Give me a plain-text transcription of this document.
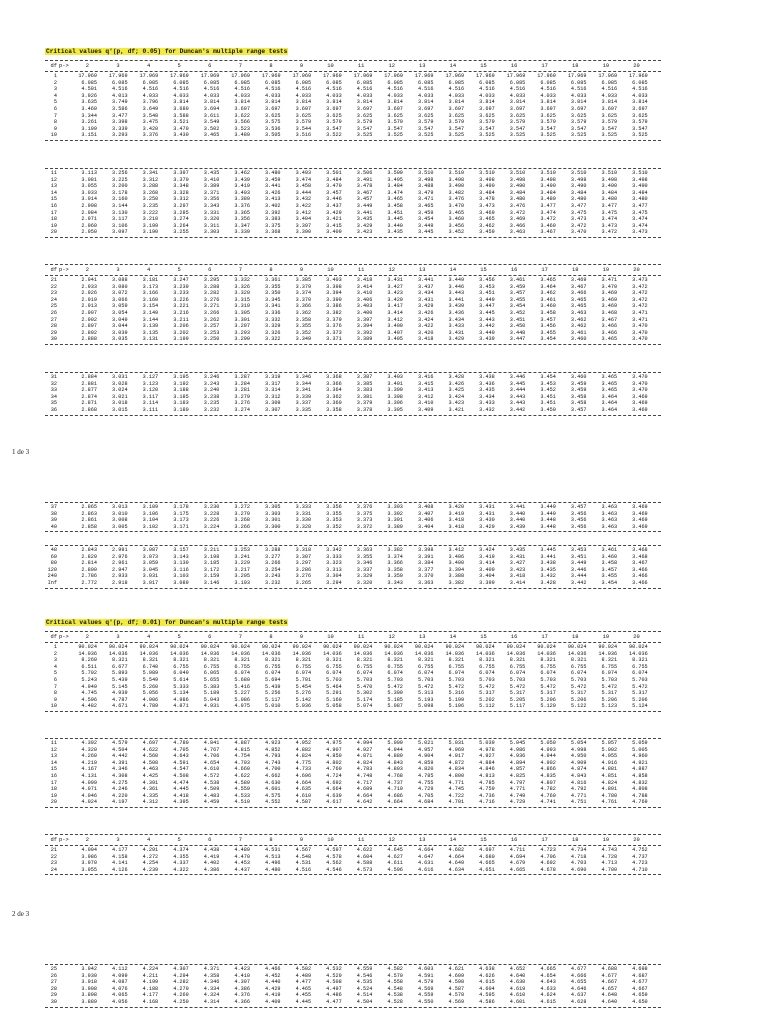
Critical values q'(p, df; 0.05) for Duncan's multiple range tests
df p->	2	3	4	5	6	7	8	9	10	11	12	13	14	15	16	17	18	19	20
1	17.969	17.969	17.969	17.969	17.969	17.969	17.969	17.969	17.969	17.969	17.969	17.969	17.969	17.969	17.969	17.969	17.969	17.969	17.969
2	6.085	6.085	6.085	6.085	6.085	6.085	6.085	6.085	6.085	6.085	6.085	6.085	6.085	6.085	6.085	6.085	6.085	6.085	6.085
3	4.501	4.516	4.516	4.516	4.516	4.516	4.516	4.516	4.516	4.516	4.516	4.516	4.516	4.516	4.516	4.516	4.516	4.516	4.516
4	3.926	4.013	4.033	4.033	4.033	4.033	4.033	4.033	4.033	4.033	4.033	4.033	4.033	4.033	4.033	4.033	4.033	4.033	4.033
5	3.635	3.749	3.796	3.814	3.814	3.814	3.814	3.814	3.814	3.814	3.814	3.814	3.814	3.814	3.814	3.814	3.814	3.814	3.814
6	3.460	3.586	3.649	3.680	3.694	3.697	3.697	3.697	3.697	3.697	3.697	3.697	3.697	3.697	3.697	3.697	3.697	3.697	3.697
7	3.344	3.477	3.548	3.588	3.611	3.622	3.625	3.625	3.625	3.625	3.625	3.625	3.625	3.625	3.625	3.625	3.625	3.625	3.625
8	3.261	3.398	3.475	3.521	3.549	3.566	3.575	3.579	3.579	3.579	3.579	3.579	3.579	3.579	3.579	3.579	3.579	3.579	3.579
9	3.199	3.339	3.420	3.470	3.502	3.523	3.536	3.544	3.547	3.547	3.547	3.547	3.547	3.547	3.547	3.547	3.547	3.547	3.547
10	3.151	3.293	3.376	3.430	3.465	3.489	3.505	3.516	3.522	3.525	3.525	3.525	3.525	3.525	3.525	3.525	3.525	3.525	3.525
11	3.113	3.256	3.341	3.397	3.435	3.462	3.480	3.493	3.501	3.506	3.509	3.510	3.510	3.510	3.510	3.510	3.510	3.510	3.510
12	3.081	3.225	3.312	3.370	3.410	3.439	3.459	3.474	3.484	3.491	3.495	3.498	3.498	3.498	3.498	3.498	3.498	3.498	3.498
13	3.055	3.200	3.288	3.348	3.389	3.419	3.441	3.458	3.470	3.478	3.484	3.488	3.490	3.490	3.490	3.490	3.490	3.490	3.490
14	3.033	3.178	3.268	3.328	3.371	3.403	3.426	3.444	3.457	3.467	3.474	3.479	3.482	3.484	3.484	3.484	3.484	3.484	3.484
15	3.014	3.160	3.250	3.312	3.356	3.389	3.413	3.432	3.446	3.457	3.465	3.471	3.476	3.478	3.480	3.480	3.480	3.480	3.480
16	2.998	3.144	3.235	3.297	3.343	3.376	3.402	3.422	3.437	3.449	3.458	3.465	3.470	3.473	3.476	3.477	3.477	3.477	3.477
17	2.984	3.130	3.222	3.285	3.331	3.365	3.392	3.412	3.429	3.441	3.451	3.459	3.465	3.469	3.472	3.474	3.475	3.475	3.475
18	2.971	3.117	3.210	3.274	3.320	3.356	3.383	3.404	3.421	3.435	3.445	3.454	3.460	3.465	3.469	3.472	3.473	3.474	3.474
19	2.960	3.106	3.199	3.264	3.311	3.347	3.375	3.397	3.415	3.429	3.440	3.449	3.456	3.462	3.466	3.469	3.472	3.473	3.474
20	2.950	3.097	3.190	3.255	3.303	3.339	3.368	3.390	3.409	3.423	3.435	3.445	3.452	3.459	3.463	3.467	3.470	3.472	3.473
df p->	2	3	4	5	6	7	8	9	10	11	12	13	14	15	16	17	18	19	20
21	2.941	3.088	3.181	3.247	3.295	3.332	3.361	3.385	3.403	3.418	3.431	3.441	3.449	3.456	3.461	3.465	3.469	3.471	3.473
22	2.933	3.080	3.173	3.239	3.288	3.326	3.355	3.379	3.398	3.414	3.427	3.437	3.446	3.453	3.459	3.464	3.467	3.470	3.472
23	2.926	3.072	3.166	3.233	3.282	3.320	3.350	3.374	3.394	3.410	3.423	3.434	3.443	3.451	3.457	3.462	3.466	3.469	3.472
24	2.919	3.066	3.160	3.226	3.276	3.315	3.345	3.370	3.390	3.406	3.420	3.431	3.441	3.449	3.455	3.461	3.465	3.469	3.472
25	2.913	3.059	3.154	3.221	3.271	3.310	3.341	3.366	3.386	3.403	3.417	3.429	3.439	3.447	3.454	3.460	3.465	3.469	3.472
26	2.907	3.054	3.149	3.216	3.266	3.305	3.336	3.362	3.382	3.400	3.414	3.426	3.436	3.445	3.452	3.458	3.463	3.468	3.471
27	2.902	3.049	3.144	3.211	3.262	3.301	3.332	3.358	3.379	3.397	3.412	3.424	3.434	3.443	3.451	3.457	3.462	3.467	3.471
28	2.897	3.044	3.139	3.206	3.257	3.297	3.329	3.355	3.376	3.394	3.409	3.422	3.433	3.442	3.450	3.456	3.462	3.466	3.470
29	2.892	3.039	3.135	3.202	3.253	3.293	3.326	3.352	3.373	3.392	3.407	3.420	3.431	3.440	3.448	3.455	3.461	3.466	3.470
30	2.888	3.035	3.131	3.199	3.250	3.290	3.322	3.349	3.371	3.389	3.405	3.418	3.429	3.439	3.447	3.454	3.460	3.465	3.470
31	2.884	3.031	3.127	3.195	3.246	3.287	3.319	3.346	3.368	3.387	3.403	3.416	3.428	3.438	3.446	3.454	3.460	3.465	3.470
32	2.881	3.028	3.123	3.192	3.243	3.284	3.317	3.344	3.366	3.385	3.401	3.415	3.426	3.436	3.445	3.453	3.459	3.465	3.470
33	2.877	3.024	3.120	3.188	3.240	3.281	3.314	3.341	3.364	3.383	3.399	3.413	3.425	3.435	3.444	3.452	3.459	3.465	3.470
34	2.874	3.021	3.117	3.185	3.238	3.279	3.312	3.339	3.362	3.381	3.398	3.412	3.424	3.434	3.443	3.451	3.458	3.464	3.469
35	2.871	3.018	3.114	3.183	3.235	3.276	3.309	3.337	3.360	3.379	3.396	3.410	3.423	3.433	3.443	3.451	3.458	3.464	3.469
36	2.868	3.015	3.111	3.180	3.232	3.274	3.307	3.335	3.358	3.378	3.395	3.409	3.421	3.432	3.442	3.450	3.457	3.464	3.469
1 de 3
37	2.865	3.013	3.109	3.178	3.230	3.272	3.305	3.333	3.356	3.376	3.393	3.408	3.420	3.431	3.441	3.449	3.457	3.463	3.469
38	2.863	3.010	3.106	3.175	3.228	3.270	3.303	3.331	3.355	3.375	3.392	3.407	3.419	3.431	3.440	3.449	3.456	3.463	3.469
39	2.861	3.008	3.104	3.173	3.226	3.268	3.301	3.330	3.353	3.373	3.391	3.406	3.418	3.430	3.440	3.448	3.456	3.463	3.469
40	2.858	3.005	3.102	3.171	3.224	3.266	3.300	3.328	3.352	3.372	3.389	3.404	3.418	3.429	3.439	3.448	3.456	3.463	3.469
48	2.843	2.991	3.087	3.157	3.211	3.253	3.288	3.318	3.342	3.363	3.382	3.398	3.412	3.424	3.435	3.445	3.453	3.461	3.468
60	2.829	2.976	3.073	3.143	3.198	3.241	3.277	3.307	3.333	3.355	3.374	3.391	3.406	3.419	3.431	3.441	3.451	3.460	3.468
80	2.814	2.961	3.059	3.130	3.185	3.229	3.266	3.297	3.323	3.346	3.366	3.384	3.400	3.414	3.427	3.438	3.449	3.458	3.467
120	2.800	2.947	3.045	3.116	3.172	3.217	3.254	3.286	3.313	3.337	3.358	3.377	3.394	3.409	3.423	3.435	3.446	3.457	3.466
240	2.786	2.933	3.031	3.103	3.159	3.205	3.243	3.276	3.304	3.329	3.350	3.370	3.388	3.404	3.418	3.432	3.444	3.455	3.466
Inf	2.772	2.918	3.017	3.089	3.146	3.193	3.232	3.265	3.294	3.320	3.343	3.363	3.382	3.399	3.414	3.428	3.442	3.454	3.466
Critical values q'(p, df; 0.01) for Duncan's multiple range tests
df p->	2	3	4	5	6	7	8	9	10	11	12	13	14	15	16	17	18	19	20
1	90.024	90.024	90.024	90.024	90.024	90.024	90.024	90.024	90.024	90.024	90.024	90.024	90.024	90.024	90.024	90.024	90.024	90.024	90.024
2	14.036	14.036	14.036	14.036	14.036	14.036	14.036	14.036	14.036	14.036	14.036	14.036	14.036	14.036	14.036	14.036	14.036	14.036	14.036
3	8.260	8.321	8.321	8.321	8.321	8.321	8.321	8.321	8.321	8.321	8.321	8.321	8.321	8.321	8.321	8.321	8.321	8.321	8.321
4	6.511	6.677	6.740	6.755	6.755	6.755	6.755	6.755	6.755	6.755	6.755	6.755	6.755	6.755	6.755	6.755	6.755	6.755	6.755
5	5.702	5.893	5.989	6.040	6.065	6.074	6.074	6.074	6.074	6.074	6.074	6.074	6.074	6.074	6.074	6.074	6.074	6.074	6.074
6	5.243	5.439	5.549	5.614	5.655	5.680	5.694	5.701	5.703	5.703	5.703	5.703	5.703	5.703	5.703	5.703	5.703	5.703	5.703
7	4.949	5.145	5.260	5.333	5.383	5.416	5.439	5.454	5.464	5.470	5.472	5.472	5.472	5.472	5.472	5.472	5.472	5.472	5.472
8	4.745	4.939	5.056	5.134	5.189	5.227	5.256	5.276	5.291	5.302	5.309	5.313	5.316	5.317	5.317	5.317	5.317	5.317	5.317
9	4.596	4.787	4.906	4.986	5.043	5.086	5.117	5.142	5.160	5.174	5.185	5.193	5.199	5.202	5.205	5.206	5.206	5.206	5.206
10	4.482	4.671	4.789	4.871	4.931	4.975	5.010	5.036	5.058	5.074	5.087	5.098	5.106	5.112	5.117	5.120	5.122	5.123	5.124
11	4.392	4.579	4.697	4.780	4.841	4.887	4.923	4.952	4.975	4.994	5.009	5.021	5.031	5.039	5.045	5.050	5.054	5.057	5.059
12	4.320	4.504	4.622	4.705	4.767	4.815	4.852	4.882	4.907	4.927	4.944	4.957	4.969	4.978	4.986	4.993	4.998	5.002	5.005
13	4.260	4.442	4.560	4.643	4.706	4.754	4.793	4.824	4.850	4.871	4.889	4.904	4.917	4.927	4.936	4.944	4.950	4.955	4.960
14	4.210	4.391	4.508	4.591	4.654	4.703	4.743	4.775	4.802	4.824	4.843	4.859	4.872	4.884	4.894	4.902	4.909	4.916	4.921
15	4.167	4.346	4.463	4.547	4.610	4.660	4.700	4.733	4.760	4.783	4.803	4.820	4.834	4.846	4.857	4.866	4.874	4.881	4.887
16	4.131	4.308	4.425	4.508	4.572	4.622	4.662	4.696	4.724	4.748	4.768	4.785	4.800	4.813	4.825	4.835	4.843	4.851	4.858
17	4.099	4.275	4.391	4.474	4.538	4.589	4.630	4.664	4.692	4.717	4.737	4.755	4.771	4.785	4.797	4.807	4.816	4.824	4.832
18	4.071	4.246	4.361	4.445	4.509	4.559	4.601	4.635	4.664	4.689	4.710	4.729	4.745	4.759	4.771	4.782	4.792	4.801	4.808
19	4.046	4.220	4.335	4.418	4.483	4.533	4.575	4.610	4.639	4.664	4.686	4.705	4.722	4.736	4.749	4.760	4.771	4.780	4.788
20	4.024	4.197	4.312	4.395	4.459	4.510	4.552	4.587	4.617	4.642	4.664	4.684	4.701	4.716	4.729	4.741	4.751	4.761	4.769
df p->	2	3	4	5	6	7	8	9	10	11	12	13	14	15	16	17	18	19	20
21	4.004	4.177	4.291	4.374	4.438	4.489	4.531	4.567	4.597	4.622	4.645	4.664	4.682	4.697	4.711	4.723	4.734	4.743	4.752
22	3.986	4.158	4.272	4.355	4.419	4.470	4.513	4.548	4.578	4.604	4.627	4.647	4.664	4.680	4.694	4.706	4.718	4.728	4.737
23	3.970	4.141	4.254	4.337	4.402	4.453	4.496	4.531	4.562	4.588	4.611	4.631	4.649	4.665	4.679	4.692	4.703	4.713	4.723
24	3.955	4.126	4.239	4.322	4.386	4.437	4.480	4.516	4.546	4.573	4.596	4.616	4.634	4.651	4.665	4.678	4.690	4.700	4.710
2 de 3
25	3.942	4.112	4.224	4.307	4.371	4.423	4.466	4.502	4.532	4.559	4.582	4.603	4.621	4.638	4.652	4.665	4.677	4.688	4.698
26	3.930	4.099	4.211	4.294	4.358	4.410	4.452	4.489	4.520	4.546	4.570	4.591	4.609	4.626	4.640	4.654	4.666	4.677	4.687
27	3.918	4.087	4.199	4.282	4.346	4.397	4.440	4.477	4.508	4.535	4.558	4.579	4.598	4.615	4.630	4.643	4.655	4.667	4.677
28	3.908	4.076	4.188	4.270	4.334	4.386	4.429	4.465	4.497	4.524	4.548	4.569	4.587	4.604	4.619	4.633	4.646	4.657	4.667
29	3.898	4.065	4.177	4.260	4.324	4.376	4.419	4.455	4.486	4.514	4.538	4.559	4.578	4.595	4.610	4.624	4.637	4.648	4.659
30	3.889	4.056	4.168	4.250	4.314	4.366	4.409	4.445	4.477	4.504	4.528	4.550	4.569	4.586	4.601	4.615	4.628	4.640	4.650
